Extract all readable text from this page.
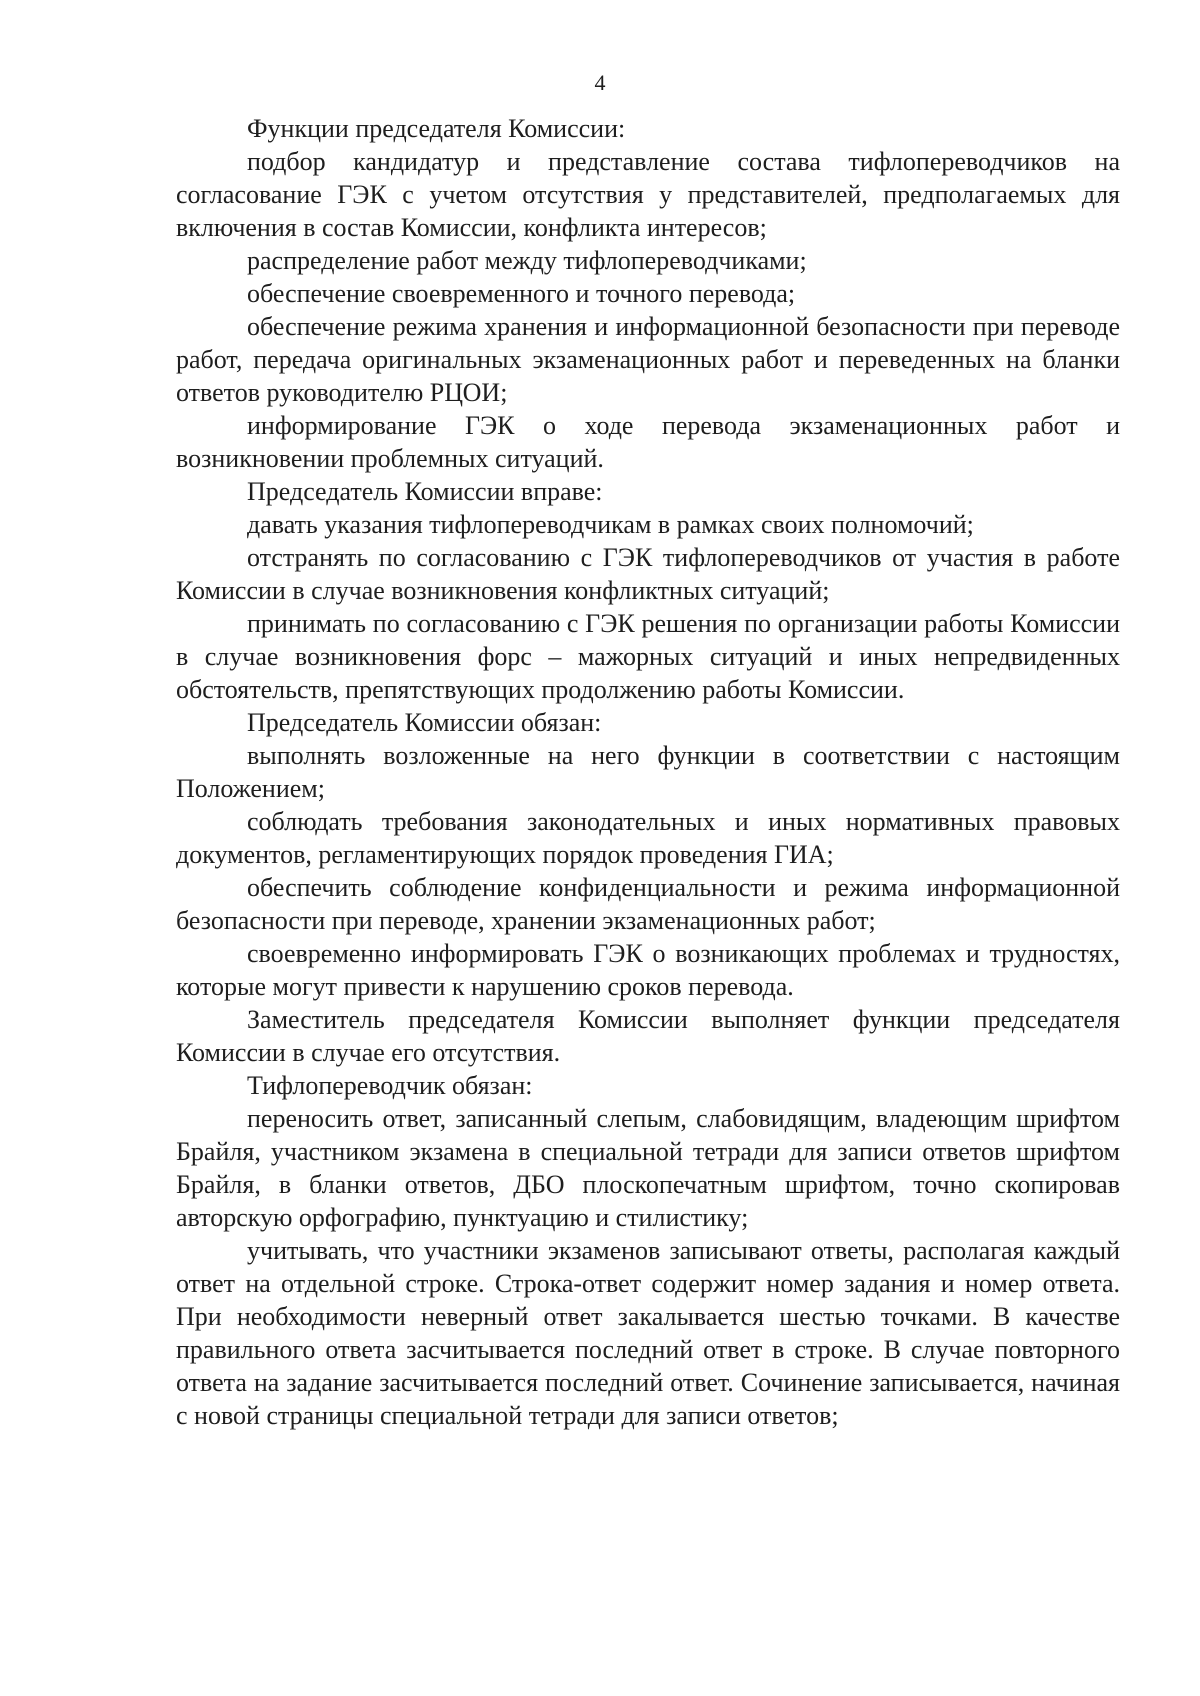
4

Функции председателя Комиссии:

подбор кандидатур и представление состава тифлопереводчиков на согласование ГЭК с учетом отсутствия у представителей, предполагаемых для включения в состав Комиссии, конфликта интересов;

распределение работ между тифлопереводчиками;

обеспечение своевременного и точного перевода;

обеспечение режима хранения и информационной безопасности при переводе работ, передача оригинальных экзаменационных работ и переведенных на бланки ответов руководителю РЦОИ;

информирование ГЭК о ходе перевода экзаменационных работ и возникновении проблемных ситуаций.

Председатель Комиссии вправе:

давать указания тифлопереводчикам в рамках своих полномочий;

отстранять по согласованию с ГЭК тифлопереводчиков от участия в работе Комиссии в случае возникновения конфликтных ситуаций;

принимать по согласованию с ГЭК решения по организации работы Комиссии в случае возникновения форс – мажорных ситуаций и иных непредвиденных обстоятельств, препятствующих продолжению работы Комиссии.

Председатель Комиссии обязан:

выполнять возложенные на него функции в соответствии с настоящим Положением;

соблюдать требования законодательных и иных нормативных правовых документов, регламентирующих порядок проведения ГИА;

обеспечить соблюдение конфиденциальности и режима информационной безопасности при переводе, хранении экзаменационных работ;

своевременно информировать ГЭК о возникающих проблемах и трудностях, которые могут привести к нарушению сроков перевода.

Заместитель председателя Комиссии выполняет функции председателя Комиссии в случае его отсутствия.

Тифлопереводчик обязан:

переносить ответ, записанный слепым, слабовидящим, владеющим шрифтом Брайля, участником экзамена в специальной тетради для записи ответов шрифтом Брайля, в бланки ответов, ДБО плоскопечатным шрифтом, точно скопировав авторскую орфографию, пунктуацию и стилистику;

учитывать, что участники экзаменов записывают ответы, располагая каждый ответ на отдельной строке. Строка-ответ содержит номер задания и номер ответа. При необходимости неверный ответ закалывается шестью точками. В качестве правильного ответа засчитывается последний ответ в строке. В случае повторного ответа на задание засчитывается последний ответ. Сочинение записывается, начиная с новой страницы специальной тетради для записи ответов;
